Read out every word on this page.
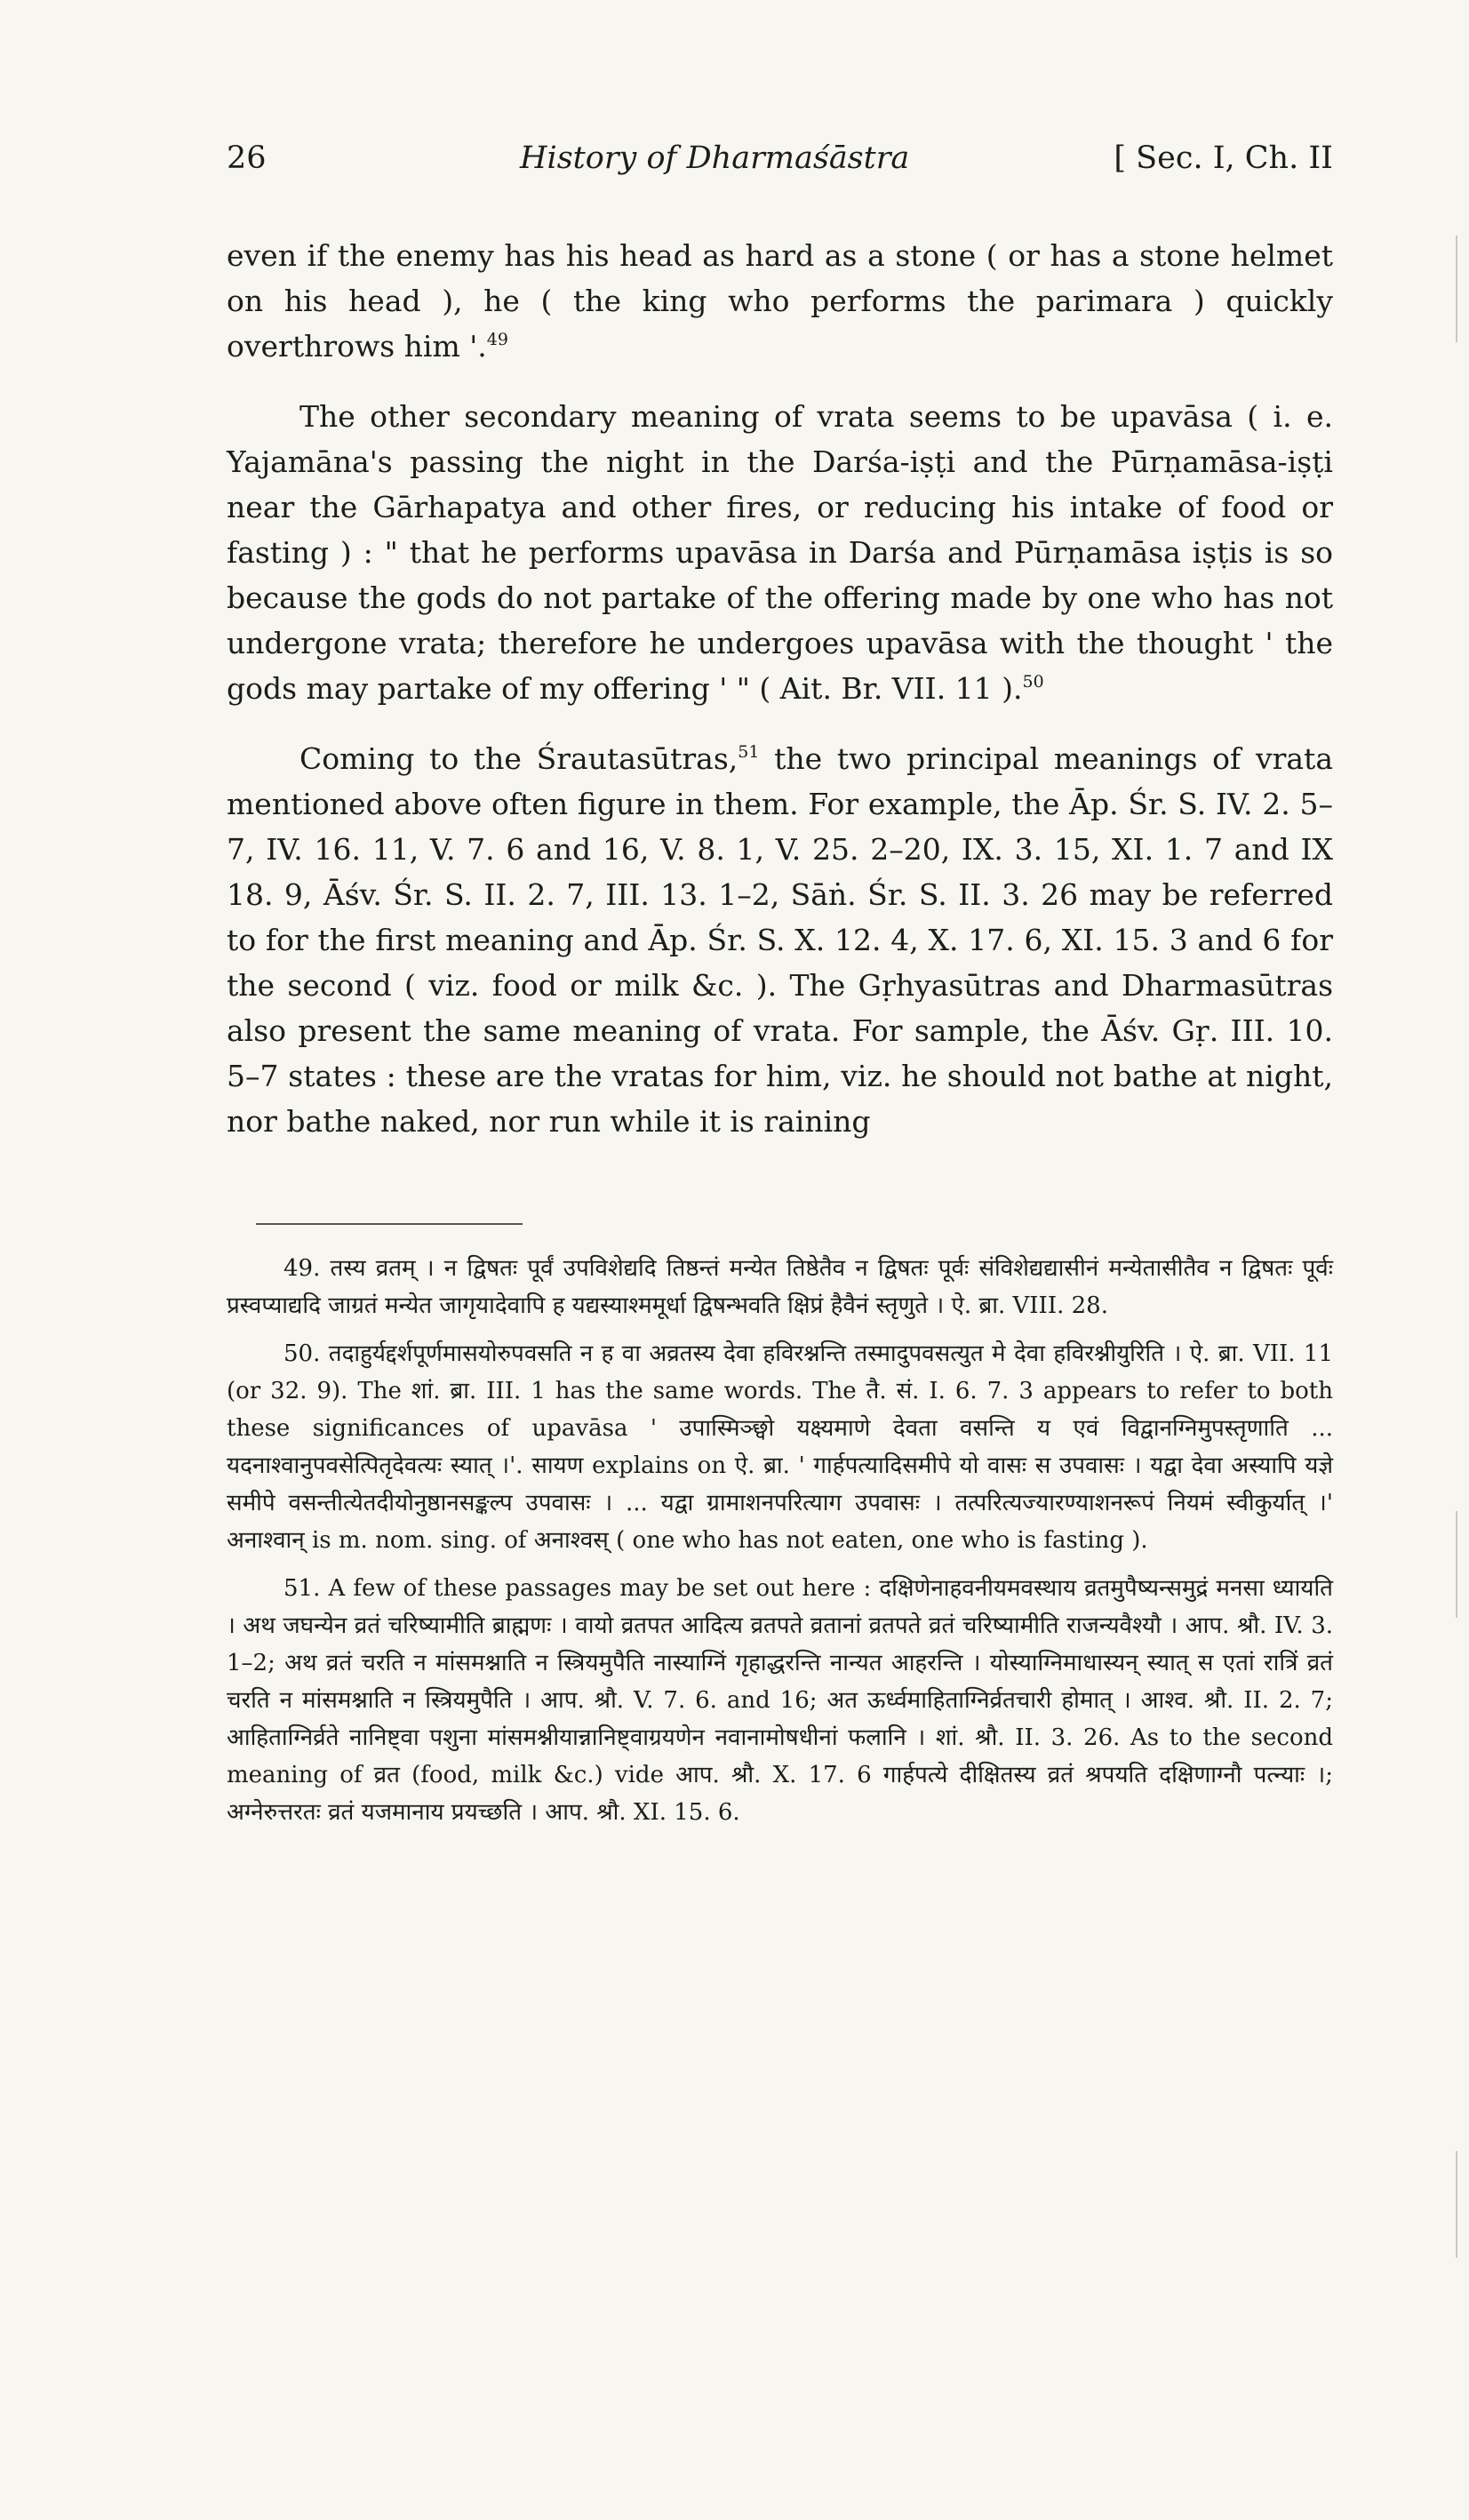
26	History of Dharmaśāstra	[ Sec. I, Ch. II

even if the enemy has his head as hard as a stone ( or has a stone helmet on his head ), he ( the king who performs the parimara ) quickly overthrows him '.$^{49}$

The other secondary meaning of vrata seems to be upavāsa ( i. e. Yajamāna's passing the night in the Darśa-iṣṭi and the Pūrṇamāsa-iṣṭi near the Gārhapatya and other fires, or reducing his intake of food or fasting ) : " that he performs upavāsa in Darśa and Pūrṇamāsa iṣṭis is so because the gods do not partake of the offering made by one who has not undergone vrata; therefore he undergoes upavāsa with the thought ' the gods may partake of my offering ' " ( Ait. Br. VII. 11 ).$^{50}$

Coming to the Śrautasūtras,$^{51}$ the two principal meanings of vrata mentioned above often figure in them. For example, the Āp. Śr. S. IV. 2. 5–7, IV. 16. 11, V. 7. 6 and 16, V. 8. 1, V. 25. 2–20, IX. 3. 15, XI. 1. 7 and IX 18. 9, Āśv. Śr. S. II. 2. 7, III. 13. 1–2, Sāṅ. Śr. S. II. 3. 26 may be referred to for the first meaning and Āp. Śr. S. X. 12. 4, X. 17. 6, XI. 15. 3 and 6 for the second ( viz. food or milk &c. ). The Gṛhyasūtras and Dharmasūtras also present the same meaning of vrata. For sample, the Āśv. Gṛ. III. 10. 5–7 states : these are the vratas for him, viz. he should not bathe at night, nor bathe naked, nor run while it is raining

49. तस्य व्रतम् । न द्विषतः पूर्वं उपविशेद्यदि तिष्ठन्तं मन्येत तिष्ठेतैव न द्विषतः पूर्वः संविशेद्यद्यासीनं मन्येतासीतैव न द्विषतः पूर्वः प्रस्वप्याद्यदि जाग्रतं मन्येत जागृयादेवापि ह यद्यस्याश्ममूर्धा द्विषन्भवति क्षिप्रं हैवैनं स्तृणुते । ऐ. ब्रा. VIII. 28.

50. तदाहुर्यद्दर्शपूर्णमासयोरुपवसति न ह वा अव्रतस्य देवा हविरश्नन्ति तस्मादुपवसत्युत मे देवा हविरश्नीयुरिति । ऐ. ब्रा. VII. 11 (or 32. 9). The शां. ब्रा. III. 1 has the same words. The तै. सं. I. 6. 7. 3 appears to refer to both these significances of upavāsa ' उपास्मिञ्छ्वो यक्ष्यमाणे देवता वसन्ति य एवं विद्वानग्निमुपस्तृणाति ... यदनाश्वानुपवसेत्पितृदेवत्यः स्यात् ।'. सायण explains on ऐ. ब्रा. ' गार्हपत्यादिसमीपे यो वासः स उपवासः । यद्वा देवा अस्यापि यज्ञे समीपे वसन्तीत्येतदीयोनुष्ठानसङ्कल्प उपवासः । ... यद्वा ग्रामाशनपरित्याग उपवासः । तत्परित्यज्यारण्याशनरूपं नियमं स्वीकुर्यात् ।' अनाश्वान् is m. nom. sing. of अनाश्वस् ( one who has not eaten, one who is fasting ).

51. A few of these passages may be set out here : दक्षिणेनाहवनीयमवस्थाय व्रतमुपैष्यन्समुद्रं मनसा ध्यायति । अथ जघन्येन व्रतं चरिष्यामीति ब्राह्मणः । वायो व्रतपत आदित्य व्रतपते व्रतानां व्रतपते व्रतं चरिष्यामीति राजन्यवैश्यौ । आप. श्रौ. IV. 3. 1–2; अथ व्रतं चरति न मांसमश्नाति न स्त्रियमुपैति नास्याग्निं गृहाद्धरन्ति नान्यत आहरन्ति । योस्याग्निमाधास्यन् स्यात् स एतां रात्रिं व्रतं चरति न मांसमश्नाति न स्त्रियमुपैति । आप. श्रौ. V. 7. 6. and 16; अत ऊर्ध्वमाहिताग्निर्व्रतचारी होमात् । आश्व. श्रौ. II. 2. 7; आहिताग्निर्व्रते नानिष्ट्वा पशुना मांसमश्नीयान्नानिष्ट्वाग्रयणेन नवानामोषधीनां फलानि । शां. श्रौ. II. 3. 26. As to the second meaning of व्रत (food, milk &c.) vide आप. श्रौ. X. 17. 6 गार्हपत्ये दीक्षितस्य व्रतं श्रपयति दक्षिणाग्नौ पत्न्याः ।; अग्नेरुत्तरतः व्रतं यजमानाय प्रयच्छति । आप. श्रौ. XI. 15. 6.
